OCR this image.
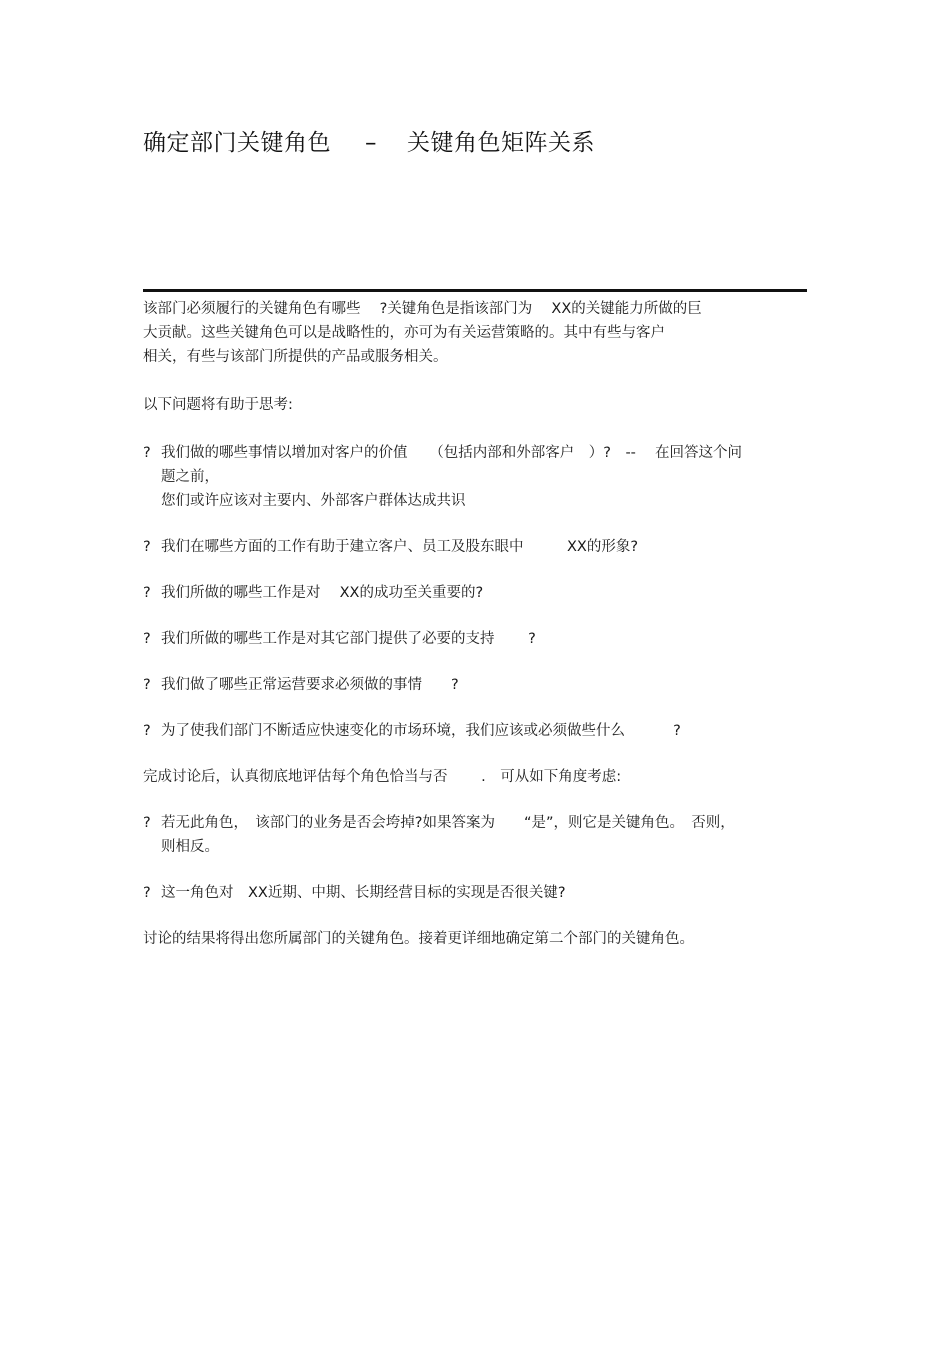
确定部门关键角色 – 关键角色矩阵关系
该部门必须履行的关键角色有哪些　 ?关键角色是指该部门为　 XX的关键能力所做的巨
大贡献。这些关键角色可以是战略性的，亦可为有关运营策略的。其中有些与客户
相关，有些与该部门所提供的产品或服务相关。
以下问题将有助于思考:
? 我们做的哪些事情以增加对客户的价值　　（包括内部和外部客户　）?　--　 在回答这个问
题之前，
您们或许应该对主要内、外部客户群体达成共识
? 我们在哪些方面的工作有助于建立客户、员工及股东眼中　　　XX的形象?
? 我们所做的哪些工作是对　 XX的成功至关重要的?
? 我们所做的哪些工作是对其它部门提供了必要的支持　　 ?
? 我们做了哪些正常运营要求必须做的事情　　?
? 为了使我们部门不断适应快速变化的市场环境，我们应该或必须做些什么　　　 ?
完成讨论后，认真彻底地评估每个角色恰当与否　　 .　可从如下角度考虑:
? 若无此角色，　该部门的业务是否会垮掉?如果答案为　　“是”，则它是关键角色。　否则，
则相反。
? 这一角色对　XX近期、中期、长期经营目标的实现是否很关键?
讨论的结果将得出您所属部门的关键角色。接着更详细地确定第二个部门的关键角色。
